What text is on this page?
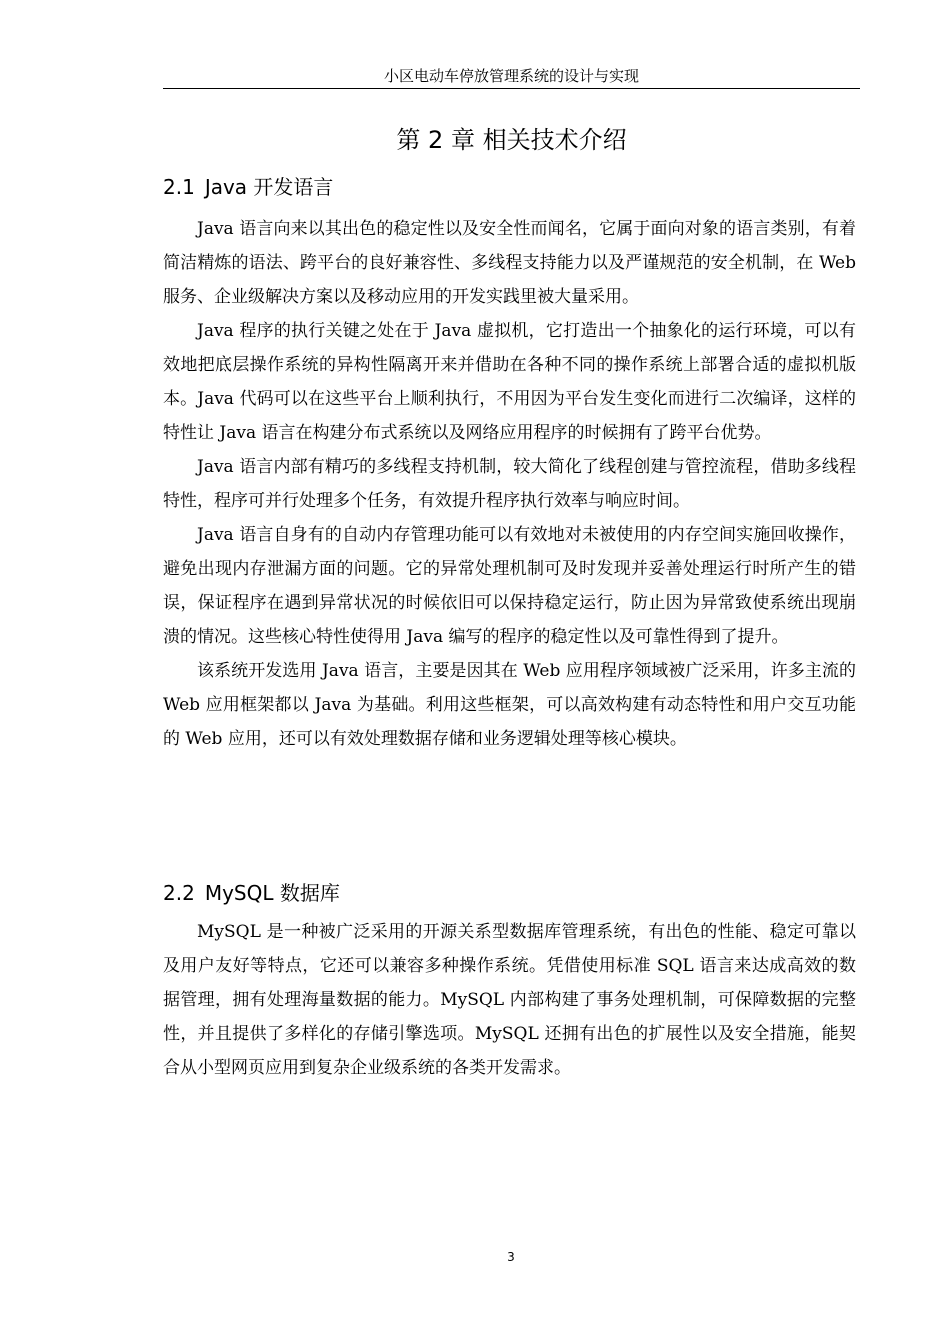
小区电动车停放管理系统的设计与实现
第 2 章 相关技术介绍
2.1 Java 开发语言

Java 语言向来以其出色的稳定性以及安全性而闻名，它属于面向对象的语言类别，有着简洁精炼的语法、跨平台的良好兼容性、多线程支持能力以及严谨规范的安全机制，在 Web 服务、企业级解决方案以及移动应用的开发实践里被大量采用。

Java 程序的执行关键之处在于 Java 虚拟机，它打造出一个抽象化的运行环境，可以有效地把底层操作系统的异构性隔离开来并借助在各种不同的操作系统上部署合适的虚拟机版本。Java 代码可以在这些平台上顺利执行，不用因为平台发生变化而进行二次编译，这样的特性让 Java 语言在构建分布式系统以及网络应用程序的时候拥有了跨平台优势。

Java 语言内部有精巧的多线程支持机制，较大简化了线程创建与管控流程，借助多线程特性，程序可并行处理多个任务，有效提升程序执行效率与响应时间。

Java 语言自身有的自动内存管理功能可以有效地对未被使用的内存空间实施回收操作，避免出现内存泄漏方面的问题。它的异常处理机制可及时发现并妥善处理运行时所产生的错误，保证程序在遇到异常状况的时候依旧可以保持稳定运行，防止因为异常致使系统出现崩溃的情况。这些核心特性使得用 Java 编写的程序的稳定性以及可靠性得到了提升。

该系统开发选用 Java 语言，主要是因其在 Web 应用程序领域被广泛采用，许多主流的 Web 应用框架都以 Java 为基础。利用这些框架，可以高效构建有动态特性和用户交互功能的 Web 应用，还可以有效处理数据存储和业务逻辑处理等核心模块。

2.2 MySQL 数据库

MySQL 是一种被广泛采用的开源关系型数据库管理系统，有出色的性能、稳定可靠以及用户友好等特点，它还可以兼容多种操作系统。凭借使用标准 SQL 语言来达成高效的数据管理，拥有处理海量数据的能力。MySQL 内部构建了事务处理机制，可保障数据的完整性，并且提供了多样化的存储引擎选项。MySQL 还拥有出色的扩展性以及安全措施，能契合从小型网页应用到复杂企业级系统的各类开发需求。

3
